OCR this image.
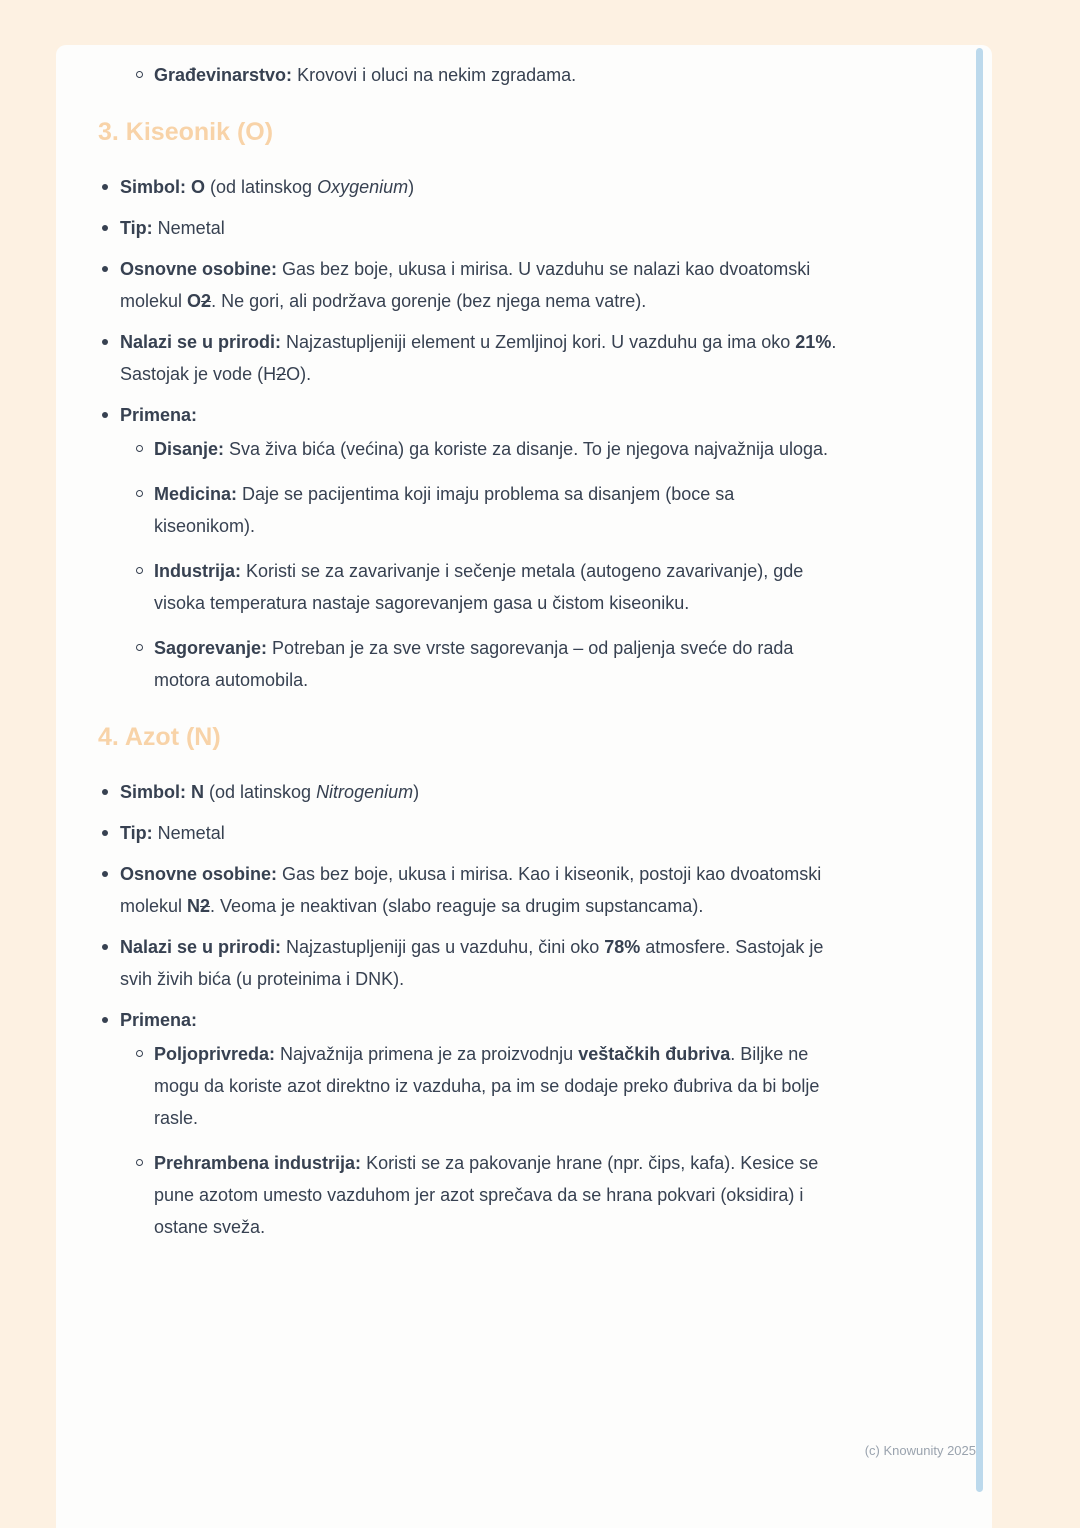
Građevinarstvo: Krovovi i oluci na nekim zgradama.
3. Kiseonik (O)
Simbol: O (od latinskog Oxygenium)
Tip: Nemetal
Osnovne osobine: Gas bez boje, ukusa i mirisa. U vazduhu se nalazi kao dvoatomski molekul O2. Ne gori, ali podržava gorenje (bez njega nema vatre).
Nalazi se u prirodi: Najzastupljeniji element u Zemljinoj kori. U vazduhu ga ima oko 21%. Sastojak je vode (H2O).
Primena:
Disanje: Sva živa bića (većina) ga koriste za disanje. To je njegova najvažnija uloga.
Medicina: Daje se pacijentima koji imaju problema sa disanjem (boce sa kiseonikom).
Industrija: Koristi se za zavarivanje i sečenje metala (autogeno zavarivanje), gde visoka temperatura nastaje sagorevanjem gasa u čistom kiseoniku.
Sagorevanje: Potreban je za sve vrste sagorevanja – od paljenja sveće do rada motora automobila.
4. Azot (N)
Simbol: N (od latinskog Nitrogenium)
Tip: Nemetal
Osnovne osobine: Gas bez boje, ukusa i mirisa. Kao i kiseonik, postoji kao dvoatomski molekul N2. Veoma je neaktivan (slabo reaguje sa drugim supstancama).
Nalazi se u prirodi: Najzastupljeniji gas u vazduhu, čini oko 78% atmosfere. Sastojak je svih živih bića (u proteinima i DNK).
Primena:
Poljoprivreda: Najvažnija primena je za proizvodnju veštačkih đubriva. Biljke ne mogu da koriste azot direktno iz vazduha, pa im se dodaje preko đubriva da bi bolje rasle.
Prehrambena industrija: Koristi se za pakovanje hrane (npr. čips, kafa). Kesice se pune azotom umesto vazduhom jer azot sprečava da se hrana pokvari (oksidira) i ostane sveža.
(c) Knowunity 2025
